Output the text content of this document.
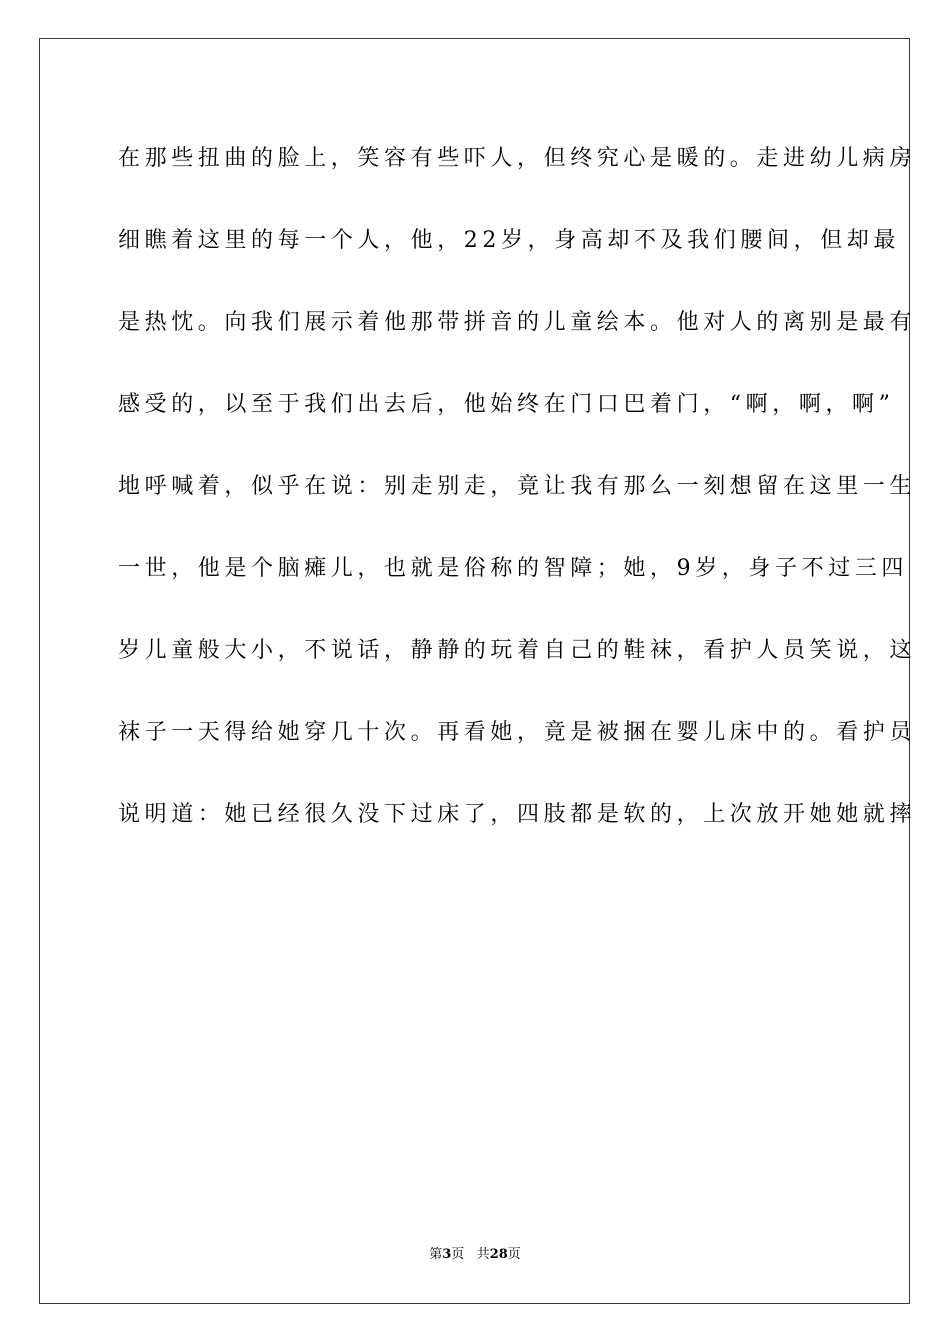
在那些扭曲的脸上，笑容有些吓人，但终究心是暖的。走进幼儿病房
细瞧着这里的每一个人，他，22岁，身高却不及我们腰间，但却最
是热忱。向我们展示着他那带拼音的儿童绘本。他对人的离别是最有
感受的，以至于我们出去后，他始终在门口巴着门，“啊，啊，啊”
地呼喊着，似乎在说：别走别走，竟让我有那么一刻想留在这里一生
一世，他是个脑瘫儿，也就是俗称的智障；她，9岁，身子不过三四
岁儿童般大小，不说话，静静的玩着自己的鞋袜，看护人员笑说，这
袜子一天得给她穿几十次。再看她，竟是被捆在婴儿床中的。看护员
说明道：她已经很久没下过床了，四肢都是软的，上次放开她她就摔
第3页 共28页
